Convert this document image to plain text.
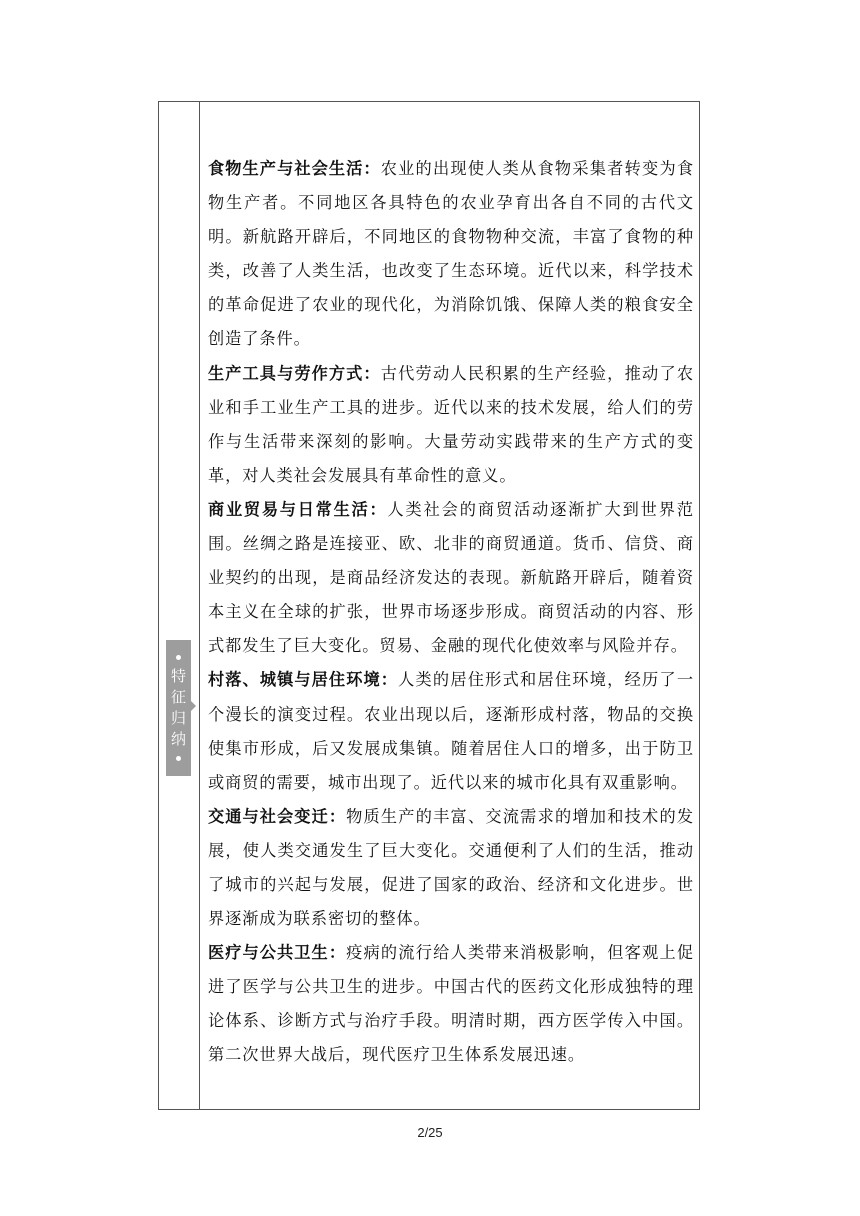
特
征
归
纳

食物生产与社会生活：农业的出现使人类从食物采集者转变为食物生产者。不同地区各具特色的农业孕育出各自不同的古代文明。新航路开辟后，不同地区的食物物种交流，丰富了食物的种类，改善了人类生活，也改变了生态环境。近代以来，科学技术的革命促进了农业的现代化，为消除饥饿、保障人类的粮食安全创造了条件。

生产工具与劳作方式：古代劳动人民积累的生产经验，推动了农业和手工业生产工具的进步。近代以来的技术发展，给人们的劳作与生活带来深刻的影响。大量劳动实践带来的生产方式的变革，对人类社会发展具有革命性的意义。

商业贸易与日常生活：人类社会的商贸活动逐渐扩大到世界范围。丝绸之路是连接亚、欧、北非的商贸通道。货币、信贷、商业契约的出现，是商品经济发达的表现。新航路开辟后，随着资本主义在全球的扩张，世界市场逐步形成。商贸活动的内容、形式都发生了巨大变化。贸易、金融的现代化使效率与风险并存。

村落、城镇与居住环境：人类的居住形式和居住环境，经历了一个漫长的演变过程。农业出现以后，逐渐形成村落，物品的交换使集市形成，后又发展成集镇。随着居住人口的增多，出于防卫或商贸的需要，城市出现了。近代以来的城市化具有双重影响。

交通与社会变迁：物质生产的丰富、交流需求的增加和技术的发展，使人类交通发生了巨大变化。交通便利了人们的生活，推动了城市的兴起与发展，促进了国家的政治、经济和文化进步。世界逐渐成为联系密切的整体。

医疗与公共卫生：疫病的流行给人类带来消极影响，但客观上促进了医学与公共卫生的进步。中国古代的医药文化形成独特的理论体系、诊断方式与治疗手段。明清时期，西方医学传入中国。第二次世界大战后，现代医疗卫生体系发展迅速。

2/25
